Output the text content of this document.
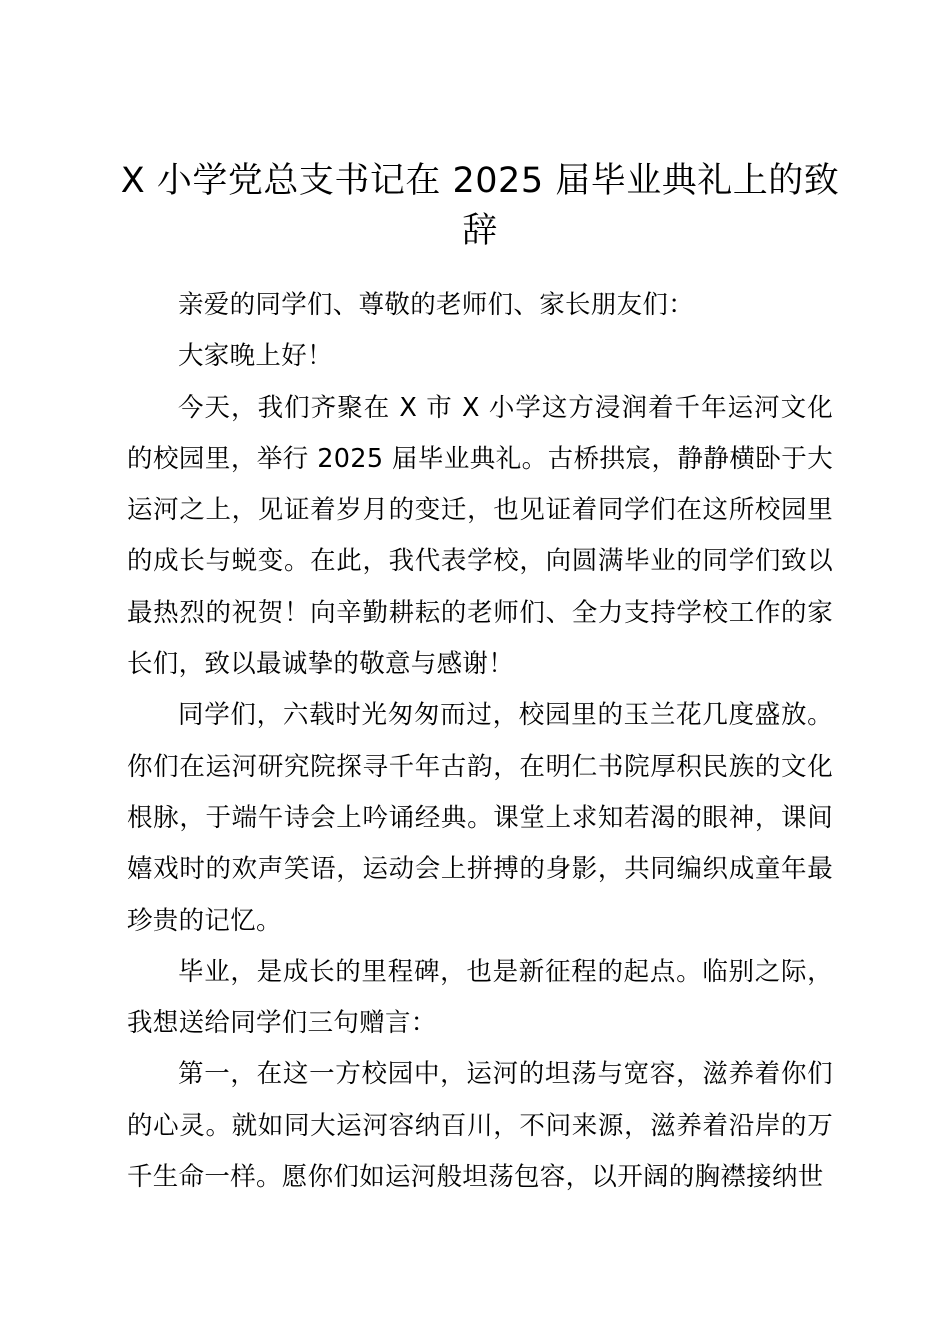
X 小学党总支书记在 2025 届毕业典礼上的致辞

亲爱的同学们、尊敬的老师们、家长朋友们：

大家晚上好！

今天，我们齐聚在 X 市 X 小学这方浸润着千年运河文化的校园里，举行 2025 届毕业典礼。古桥拱宸，静静横卧于大运河之上，见证着岁月的变迁，也见证着同学们在这所校园里的成长与蜕变。在此，我代表学校，向圆满毕业的同学们致以最热烈的祝贺！向辛勤耕耘的老师们、全力支持学校工作的家长们，致以最诚挚的敬意与感谢！

同学们，六载时光匆匆而过，校园里的玉兰花几度盛放。你们在运河研究院探寻千年古韵，在明仁书院厚积民族的文化根脉，于端午诗会上吟诵经典。课堂上求知若渴的眼神，课间嬉戏时的欢声笑语，运动会上拼搏的身影，共同编织成童年最珍贵的记忆。

毕业，是成长的里程碑，也是新征程的起点。临别之际，我想送给同学们三句赠言：

第一，在这一方校园中，运河的坦荡与宽容，滋养着你们的心灵。就如同大运河容纳百川，不问来源，滋养着沿岸的万千生命一样。愿你们如运河般坦荡包容，以开阔的胸襟接纳世
